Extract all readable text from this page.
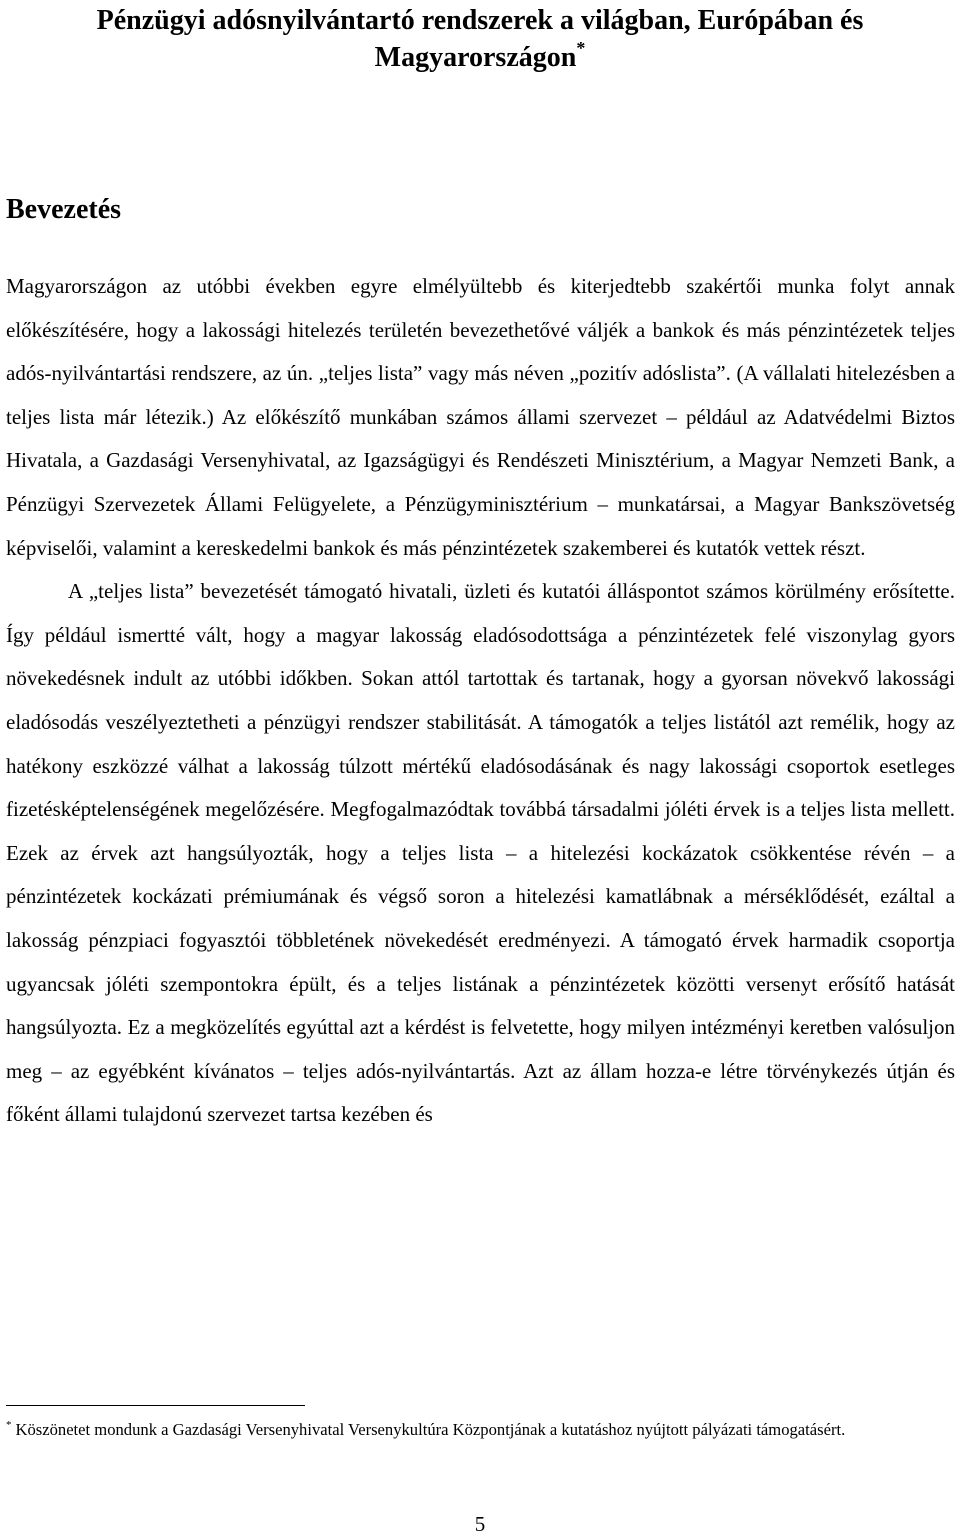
Pénzügyi adósnyilvántartó rendszerek a világban, Európában és
Magyarországon*
Bevezetés

Magyarországon az utóbbi években egyre elmélyültebb és kiterjedtebb szakértői munka folyt annak előkészítésére, hogy a lakossági hitelezés területén bevezethetővé váljék a bankok és más pénzintézetek teljes adós-nyilvántartási rendszere, az ún. „teljes lista” vagy más néven „pozitív adóslista”. (A vállalati hitelezésben a teljes lista már létezik.) Az előkészítő munkában számos állami szervezet – például az Adatvédelmi Biztos Hivatala, a Gazdasági Versenyhivatal, az Igazságügyi és Rendészeti Minisztérium, a Magyar Nemzeti Bank, a Pénzügyi Szervezetek Állami Felügyelete, a Pénzügyminisztérium – munkatársai, a Magyar Bankszövetség képviselői, valamint a kereskedelmi bankok és más pénzintézetek szakemberei és kutatók vettek részt.

A „teljes lista” bevezetését támogató hivatali, üzleti és kutatói álláspontot számos körülmény erősítette. Így például ismertté vált, hogy a magyar lakosság eladósodottsága a pénzintézetek felé viszonylag gyors növekedésnek indult az utóbbi időkben. Sokan attól tartottak és tartanak, hogy a gyorsan növekvő lakossági eladósodás veszélyeztetheti a pénzügyi rendszer stabilitását. A támogatók a teljes listától azt remélik, hogy az hatékony eszközzé válhat a lakosság túlzott mértékű eladósodásának és nagy lakossági csoportok esetleges fizetésképtelenségének megelőzésére. Megfogalmazódtak továbbá társadalmi jóléti érvek is a teljes lista mellett. Ezek az érvek azt hangsúlyozták, hogy a teljes lista – a hitelezési kockázatok csökkentése révén – a pénzintézetek kockázati prémiumának és végső soron a hitelezési kamatlábnak a mérséklődését, ezáltal a lakosság pénzpiaci fogyasztói többletének növekedését eredményezi. A támogató érvek harmadik csoportja ugyancsak jóléti szempontokra épült, és a teljes listának a pénzintézetek közötti versenyt erősítő hatását hangsúlyozta. Ez a megközelítés egyúttal azt a kérdést is felvetette, hogy milyen intézményi keretben valósuljon meg – az egyébként kívánatos – teljes adós-nyilvántartás. Azt az állam hozza-e létre törvénykezés útján és főként állami tulajdonú szervezet tartsa kezében és

* Köszönetet mondunk a Gazdasági Versenyhivatal Versenykultúra Központjának a kutatáshoz nyújtott pályázati támogatásért.
5
